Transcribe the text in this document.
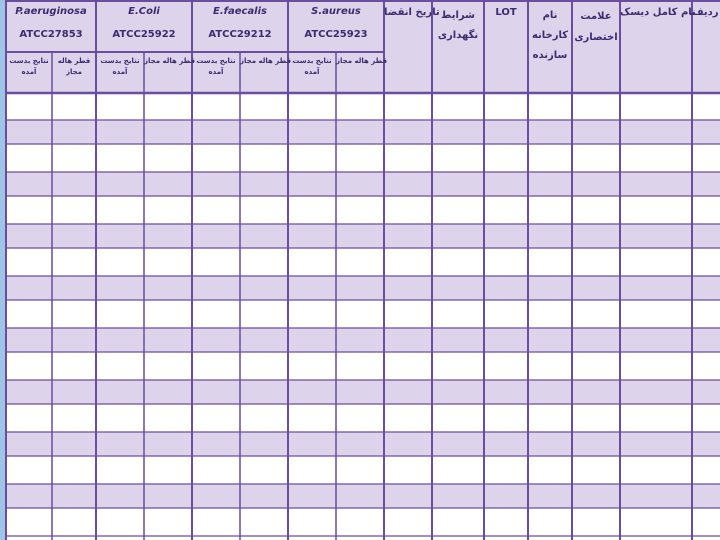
ردیف
نام کامل دیسک
علامت
اختصاری
نام
کارخانه
سازنده
LOT
شرایط
نگهداری
تاریخ انقضا
S.aureus
ATCC25923
E.faecalis
ATCC29212
E.Coli
ATCC25922
P.aeruginosa
ATCC27853
قطر هاله مجاز
نتایج بدست
آمده
قطر هاله مجاز
نتایج بدست
آمده
قطر هاله مجاز
نتایج بدست
آمده
قطر هاله
مجاز
نتایج بدست
آمده
